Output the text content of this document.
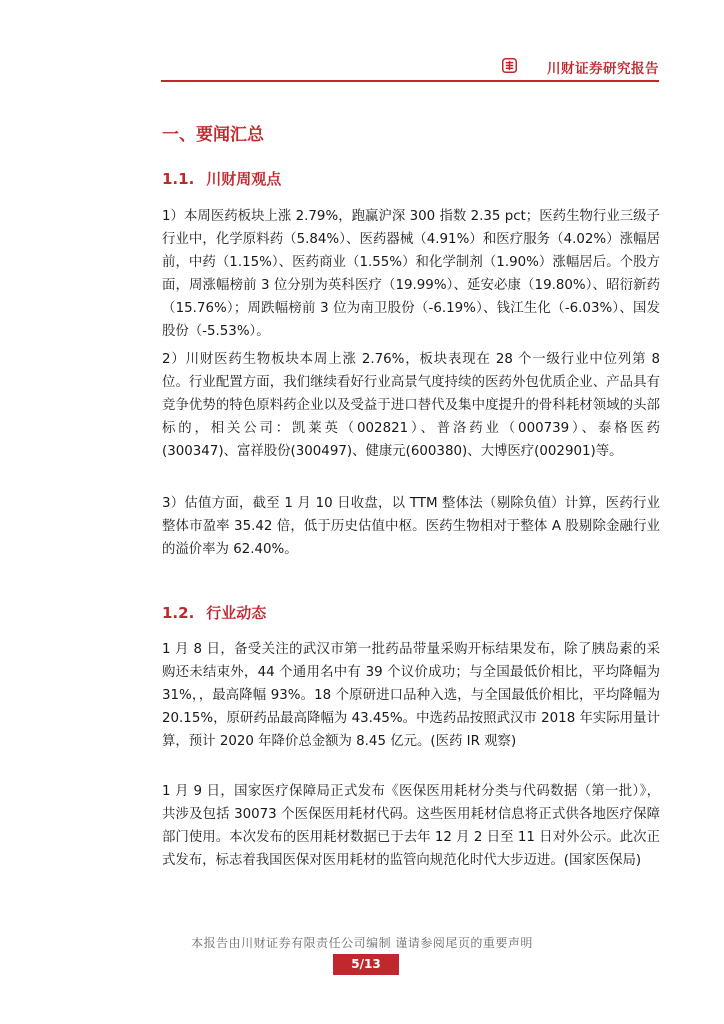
川财证券研究报告
一、要闻汇总
1.1. 川财周观点
1）本周医药板块上涨 2.79%，跑赢沪深 300 指数 2.35 pct；医药生物行业三级子行业中，化学原料药（5.84%）、医药器械（4.91%）和医疗服务（4.02%）涨幅居前，中药（1.15%）、医药商业（1.55%）和化学制剂（1.90%）涨幅居后。个股方面，周涨幅榜前 3 位分别为英科医疗（19.99%）、延安必康（19.80%）、昭衍新药（15.76%）；周跌幅榜前 3 位为南卫股份（-6.19%）、钱江生化（-6.03%）、国发股份（-5.53%）。
2）川财医药生物板块本周上涨 2.76%，板块表现在 28 个一级行业中位列第 8 位。行业配置方面，我们继续看好行业高景气度持续的医药外包优质企业、产品具有竞争优势的特色原料药企业以及受益于进口替代及集中度提升的骨科耗材领域的头部标的，相关公司：凯莱英（002821）、普洛药业（000739）、泰格医药(300347)、富祥股份(300497)、健康元(600380)、大博医疗(002901)等。
3）估值方面，截至 1 月 10 日收盘，以 TTM 整体法（剔除负值）计算，医药行业整体市盈率 35.42 倍，低于历史估值中枢。医药生物相对于整体 A 股剔除金融行业的溢价率为 62.40%。
1.2. 行业动态
1 月 8 日，备受关注的武汉市第一批药品带量采购开标结果发布，除了胰岛素的采购还未结束外，44 个通用名中有 39 个议价成功；与全国最低价相比，平均降幅为 31%，，最高降幅 93%。18 个原研进口品种入选，与全国最低价相比，平均降幅为 20.15%，原研药品最高降幅为 43.45%。中选药品按照武汉市 2018 年实际用量计算，预计 2020 年降价总金额为 8.45 亿元。(医药 IR 观察)
1 月 9 日，国家医疗保障局正式发布《医保医用耗材分类与代码数据（第一批）》，共涉及包括 30073 个医保医用耗材代码。这些医用耗材信息将正式供各地医疗保障部门使用。本次发布的医用耗材数据已于去年 12 月 2 日至 11 日对外公示。此次正式发布，标志着我国医保对医用耗材的监管向规范化时代大步迈进。(国家医保局)
本报告由川财证券有限责任公司编制 谨请参阅尾页的重要声明
5/13
